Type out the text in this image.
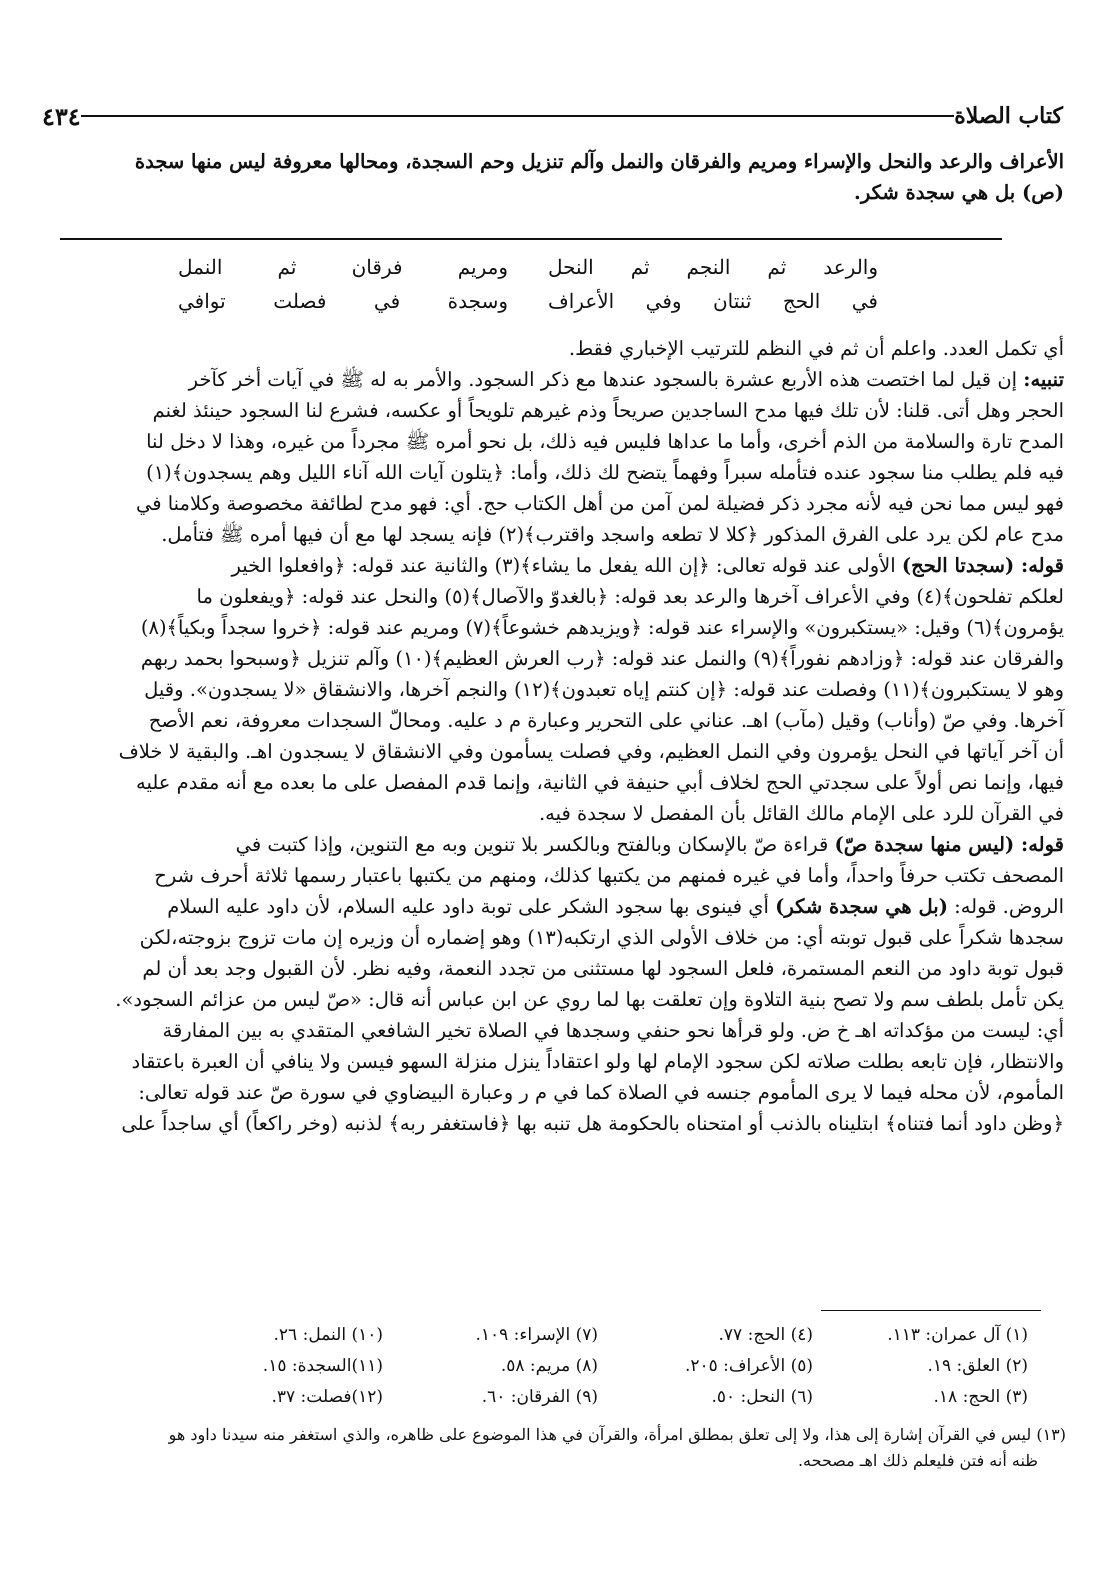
كتاب الصلاة
٤٣٤
الأعراف والرعد والنحل والإسراء ومريم والفرقان والنمل وآلم تنزيل وحم السجدة، ومحالها معروفة ليس منها سجدة
(ص) بل هي سجدة شكر.
والرعد ثم النجم ثم النحل
ومريم فرقان ثم النمل
في الحج ثنتان وفي الأعراف
وسجدة في فصلت توافي
أي تكمل العدد. واعلم أن ثم في النظم للترتيب الإخباري فقط.
تنبيه: إن قيل لما اختصت هذه الأربع عشرة بالسجود عندها مع ذكر السجود. والأمر به له ﷺ في آيات أخر كآخر
الحجر وهل أتى. قلنا: لأن تلك فيها مدح الساجدين صريحاً وذم غيرهم تلويحاً أو عكسه، فشرع لنا السجود حينئذ لغنم
المدح تارة والسلامة من الذم أخرى، وأما ما عداها فليس فيه ذلك، بل نحو أمره ﷺ مجرداً من غيره، وهذا لا دخل لنا
فيه فلم يطلب منا سجود عنده فتأمله سبراً وفهماً يتضح لك ذلك، وأما: ﴿يتلون آيات الله آناء الليل وهم يسجدون﴾(١)
فهو ليس مما نحن فيه لأنه مجرد ذكر فضيلة لمن آمن من أهل الكتاب حج. أي: فهو مدح لطائفة مخصوصة وكلامنا في
مدح عام لكن يرد على الفرق المذكور ﴿كلا لا تطعه واسجد واقترب﴾(٢) فإنه يسجد لها مع أن فيها أمره ﷺ فتأمل.
قوله: (سجدتا الحج) الأولى عند قوله تعالى: ﴿إن الله يفعل ما يشاء﴾(٣) والثانية عند قوله: ﴿وافعلوا الخير
لعلكم تفلحون﴾(٤) وفي الأعراف آخرها والرعد بعد قوله: ﴿بالغدوّ والآصال﴾(٥) والنحل عند قوله: ﴿ويفعلون ما
يؤمرون﴾(٦) وقيل: «يستكبرون» والإسراء عند قوله: ﴿ويزيدهم خشوعاً﴾(٧) ومريم عند قوله: ﴿خروا سجداً وبكياً﴾(٨)
والفرقان عند قوله: ﴿وزادهم نفوراً﴾(٩) والنمل عند قوله: ﴿رب العرش العظيم﴾(١٠) وآلم تنزيل ﴿وسبحوا بحمد ربهم
وهو لا يستكبرون﴾(١١) وفصلت عند قوله: ﴿إن كنتم إياه تعبدون﴾(١٢) والنجم آخرها، والانشقاق «لا يسجدون». وقيل
آخرها. وفي صّ (وأناب) وقيل (مآب) اهـ. عناني على التحرير وعبارة م د عليه. ومحالّ السجدات معروفة، نعم الأصح
أن آخر آياتها في النحل يؤمرون وفي النمل العظيم، وفي فصلت يسأمون وفي الانشقاق لا يسجدون اهـ. والبقية لا خلاف
فيها، وإنما نص أولاً على سجدتي الحج لخلاف أبي حنيفة في الثانية، وإنما قدم المفصل على ما بعده مع أنه مقدم عليه
في القرآن للرد على الإمام مالك القائل بأن المفصل لا سجدة فيه.
قوله: (ليس منها سجدة صّ) قراءة صّ بالإسكان وبالفتح وبالكسر بلا تنوين وبه مع التنوين، وإذا كتبت في
المصحف تكتب حرفاً واحداً، وأما في غيره فمنهم من يكتبها كذلك، ومنهم من يكتبها باعتبار رسمها ثلاثة أحرف شرح
الروض. قوله: (بل هي سجدة شكر) أي فينوى بها سجود الشكر على توبة داود عليه السلام، لأن داود عليه السلام
سجدها شكراً على قبول توبته أي: من خلاف الأولى الذي ارتكبه(١٣) وهو إضماره أن وزيره إن مات تزوج بزوجته،لكن
قبول توبة داود من النعم المستمرة، فلعل السجود لها مستثنى من تجدد النعمة، وفيه نظر. لأن القبول وجد بعد أن لم
يكن تأمل بلطف سم ولا تصح بنية التلاوة وإن تعلقت بها لما روي عن ابن عباس أنه قال: «صّ ليس من عزائم السجود».
أي: ليست من مؤكداته اهـ خ ض. ولو قرأها نحو حنفي وسجدها في الصلاة تخير الشافعي المتقدي به بين المفارقة
والانتظار، فإن تابعه بطلت صلاته لكن سجود الإمام لها ولو اعتقاداً ينزل منزلة السهو فيسن ولا ينافي أن العبرة باعتقاد
المأموم، لأن محله فيما لا يرى المأموم جنسه في الصلاة كما في م ر وعبارة البيضاوي في سورة صّ عند قوله تعالى:
﴿وظن داود أنما فتناه﴾ ابتليناه بالذنب أو امتحناه بالحكومة هل تنبه بها ﴿فاستغفر ربه﴾ لذنبه (وخر راكعاً) أي ساجداً على
(١) آل عمران: ١١٣.
(٤) الحج: ٧٧.
(٧) الإسراء: ١٠٩.
(١٠) النمل: ٢٦.
(٢) العلق: ١٩.
(٥) الأعراف: ٢٠٥.
(٨) مريم: ٥٨.
(١١)السجدة: ١٥.
(٣) الحج: ١٨.
(٦) النحل: ٥٠.
(٩) الفرقان: ٦٠.
(١٢)فصلت: ٣٧.
(١٣) ليس في القرآن إشارة إلى هذا، ولا إلى تعلق بمطلق امرأة، والقرآن في هذا الموضوع على ظاهره، والذي استغفر منه سيدنا داود هو
ظنه أنه فتن فليعلم ذلك اهـ مصححه.
